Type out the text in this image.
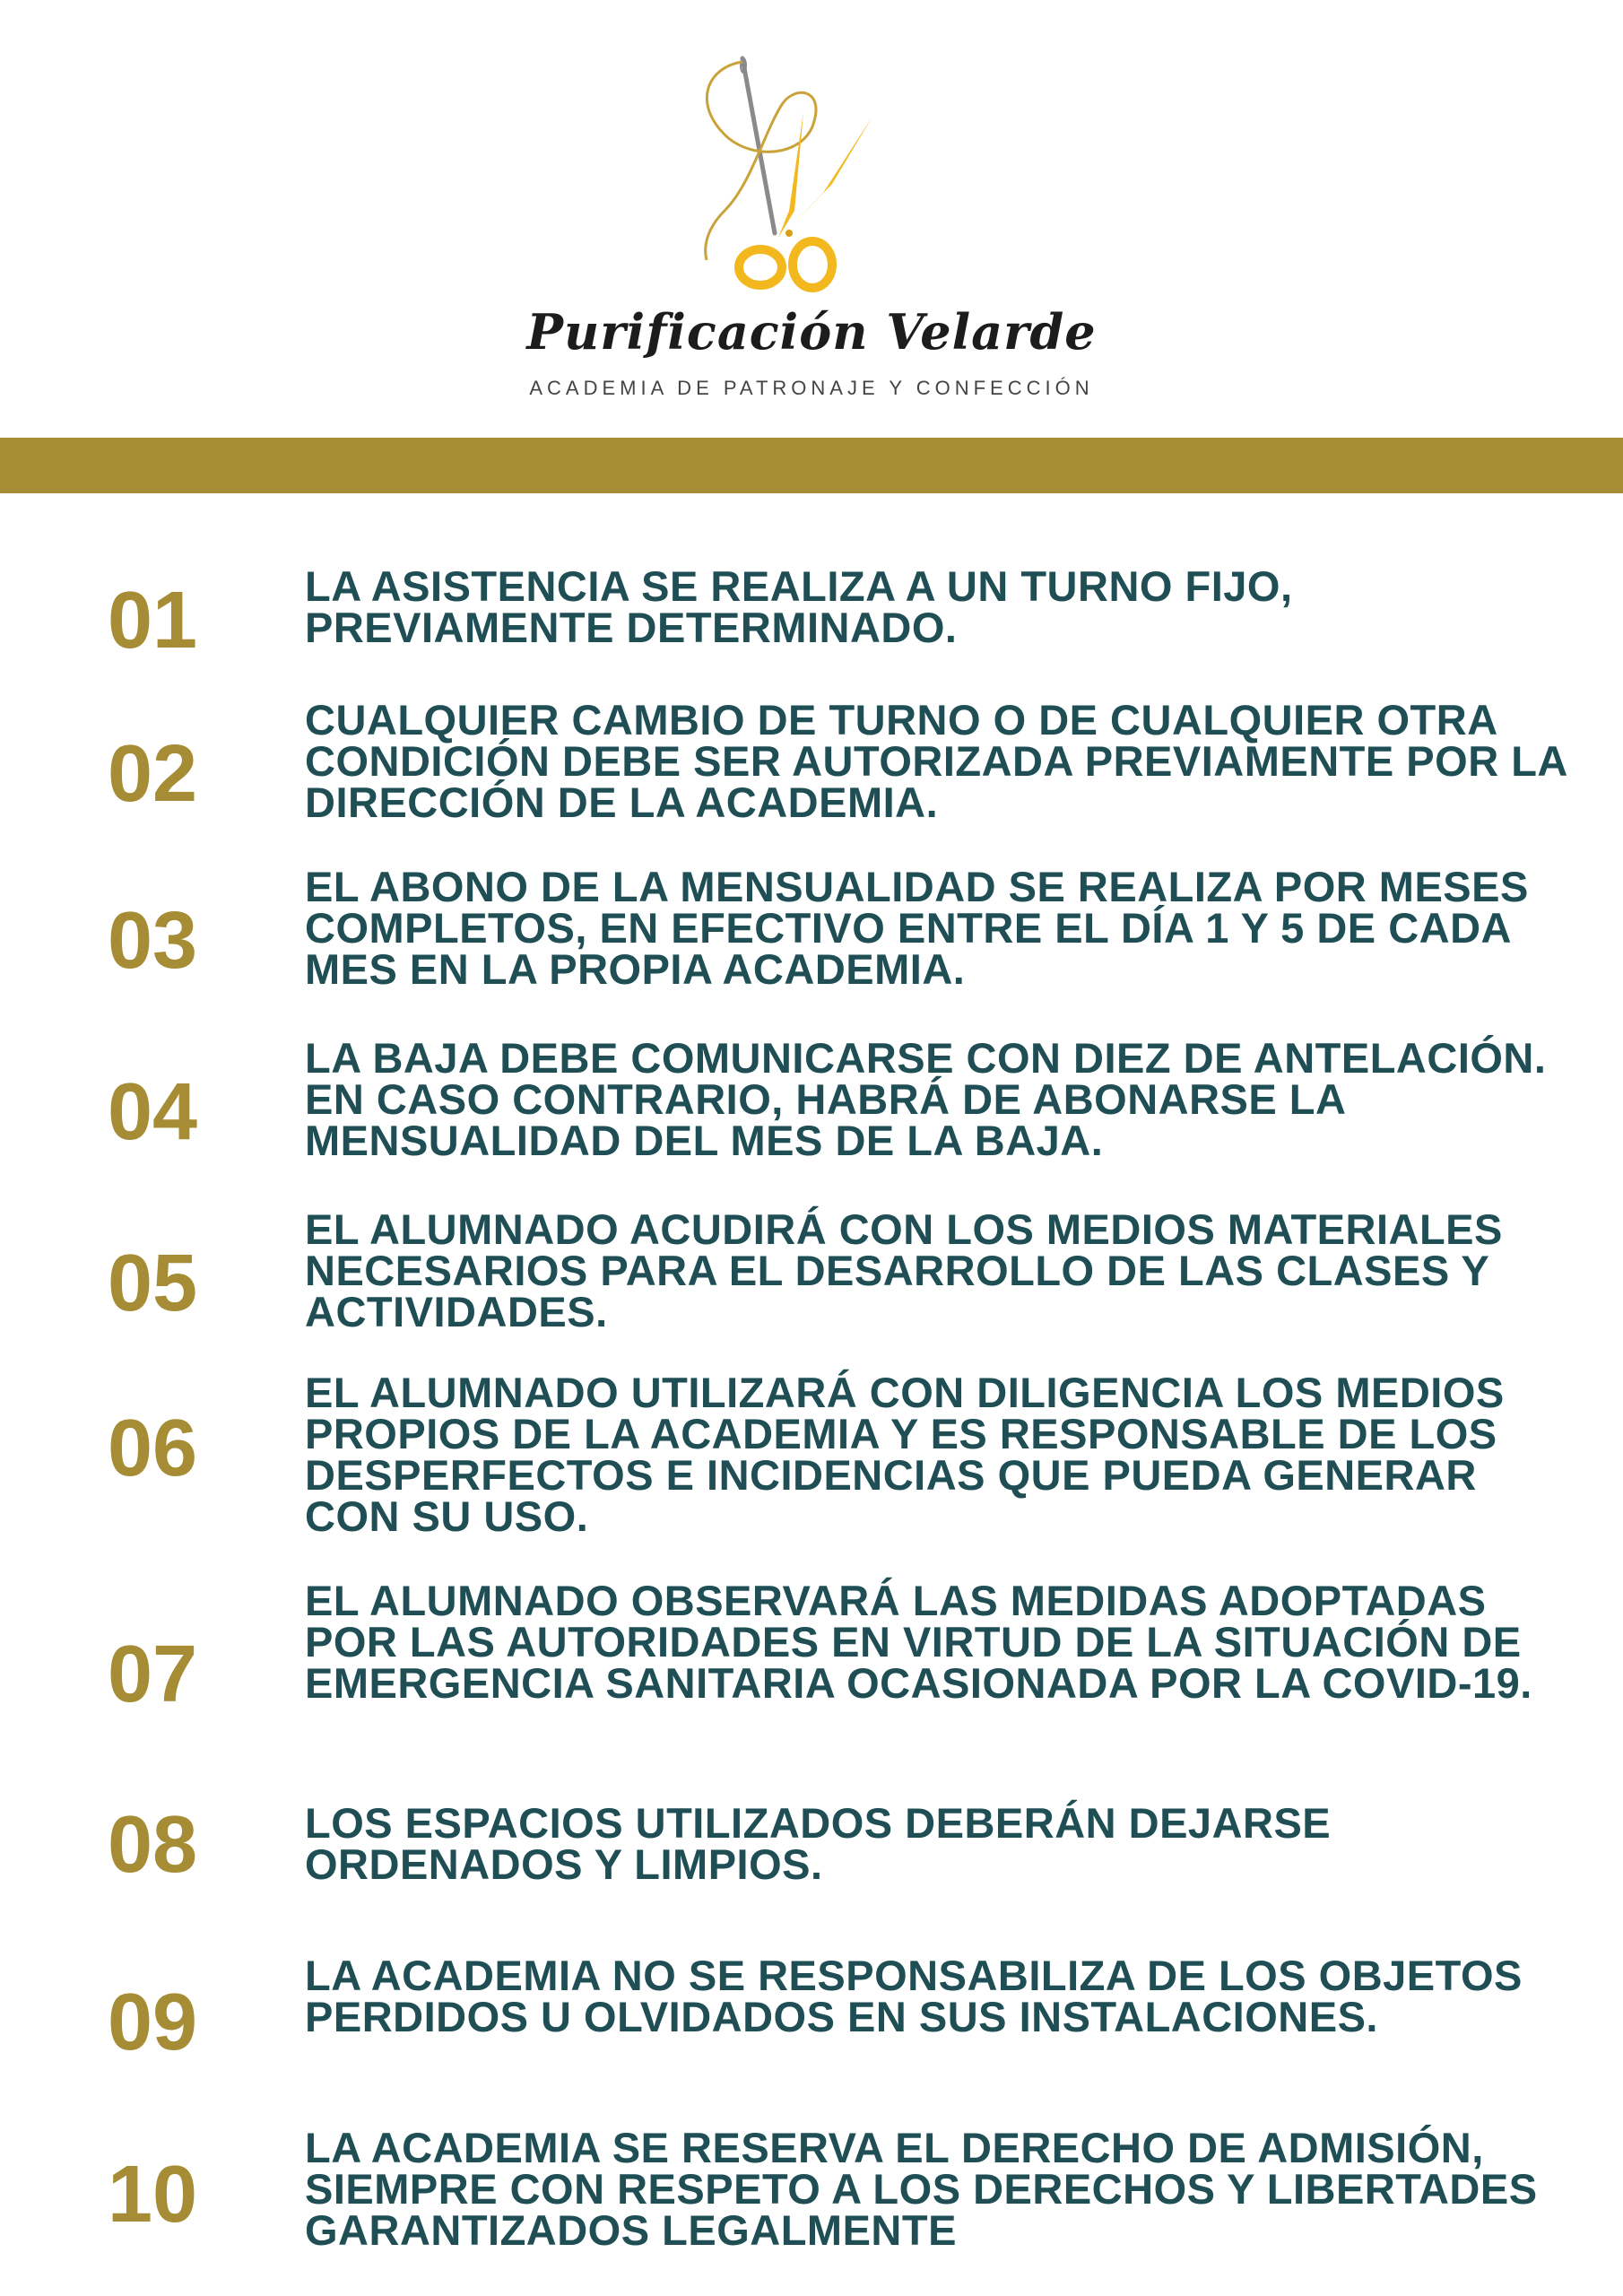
Purificación Velarde
ACADEMIA DE PATRONAJE Y CONFECCIÓN
01	LA ASISTENCIA SE REALIZA A UN TURNO FIJO, PREVIAMENTE DETERMINADO.
02
CUALQUIER CAMBIO DE TURNO O DE CUALQUIER OTRA CONDICIÓN DEBE SER AUTORIZADA PREVIAMENTE POR LA DIRECCIÓN DE LA ACADEMIA.
03
EL ABONO DE LA MENSUALIDAD SE REALIZA POR MESES COMPLETOS, EN EFECTIVO ENTRE EL DÍA 1 Y 5 DE CADA MES EN LA PROPIA ACADEMIA.
04
LA BAJA DEBE COMUNICARSE CON DIEZ DE ANTELACIÓN. EN CASO CONTRARIO, HABRÁ DE ABONARSE LA MENSUALIDAD DEL MES DE LA BAJA.
05
EL ALUMNADO ACUDIRÁ CON LOS MEDIOS MATERIALES NECESARIOS PARA EL DESARROLLO DE LAS CLASES Y ACTIVIDADES.
06
EL ALUMNADO UTILIZARÁ CON DILIGENCIA LOS MEDIOS PROPIOS DE LA ACADEMIA Y ES RESPONSABLE DE LOS DESPERFECTOS E INCIDENCIAS QUE PUEDA GENERAR CON SU USO.
07
EL ALUMNADO OBSERVARÁ LAS MEDIDAS ADOPTADAS POR LAS AUTORIDADES EN VIRTUD DE LA SITUACIÓN DE EMERGENCIA SANITARIA OCASIONADA POR LA COVID-19.
08	LOS ESPACIOS UTILIZADOS DEBERÁN DEJARSE ORDENADOS Y LIMPIOS.
09
LA ACADEMIA NO SE RESPONSABILIZA DE LOS OBJETOS PERDIDOS U OLVIDADOS EN SUS INSTALACIONES.
10
LA ACADEMIA SE RESERVA EL DERECHO DE ADMISIÓN, SIEMPRE CON RESPETO A LOS DERECHOS Y LIBERTADES GARANTIZADOS LEGALMENTE
